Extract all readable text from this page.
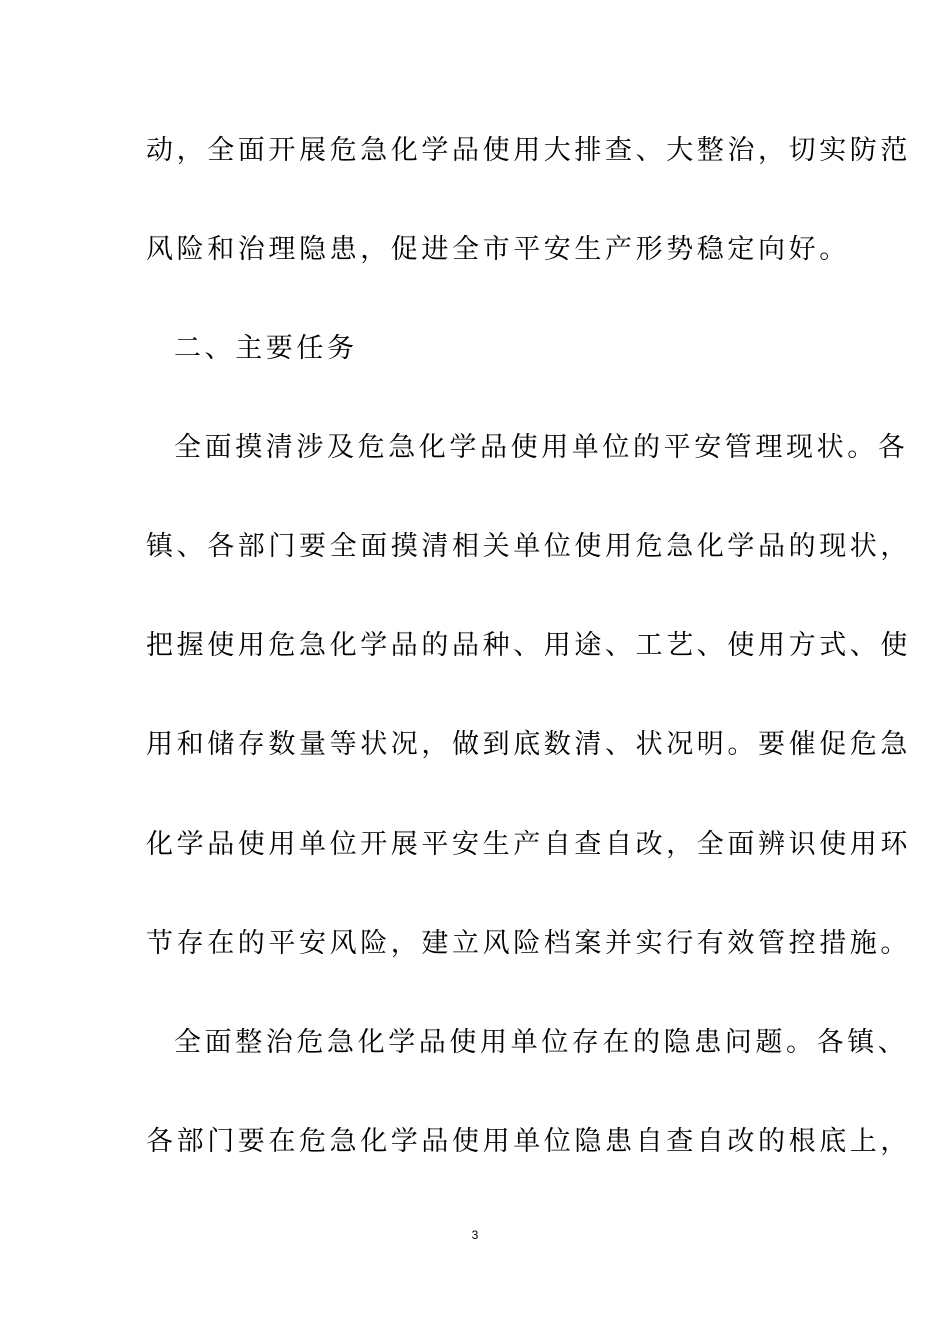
动，全面开展危急化学品使用大排查、大整治，切实防范
风险和治理隐患，促进全市平安生产形势稳定向好。
二、主要任务
全面摸清涉及危急化学品使用单位的平安管理现状。各
镇、各部门要全面摸清相关单位使用危急化学品的现状，
把握使用危急化学品的品种、用途、工艺、使用方式、使
用和储存数量等状况，做到底数清、状况明。要催促危急
化学品使用单位开展平安生产自查自改，全面辨识使用环
节存在的平安风险，建立风险档案并实行有效管控措施。
全面整治危急化学品使用单位存在的隐患问题。各镇、
各部门要在危急化学品使用单位隐患自查自改的根底上，
3
